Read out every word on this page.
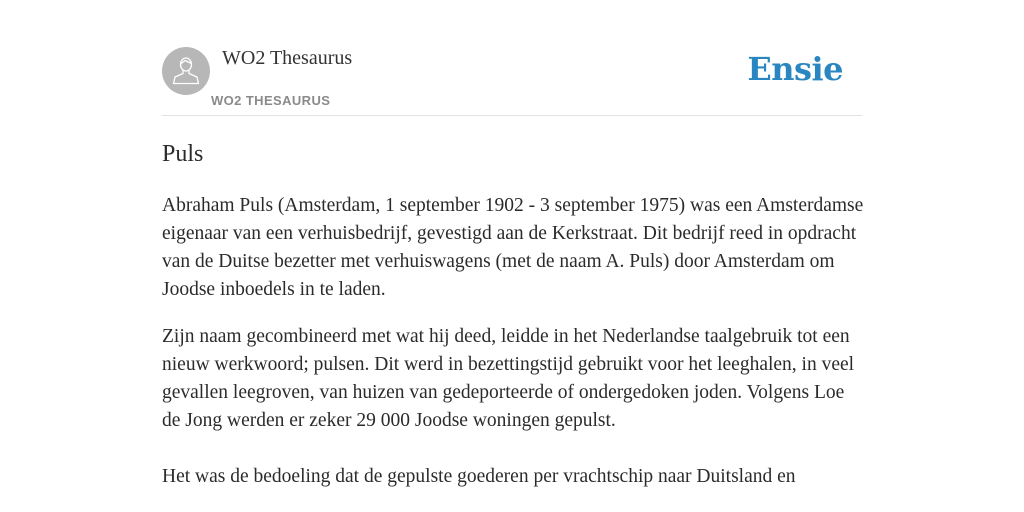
WO2 Thesaurus
WO2 THESAURUS
Ensie
Puls

Abraham Puls (Amsterdam, 1 september 1902 - 3 september 1975) was een Amsterdamse eigenaar van een verhuisbedrijf, gevestigd aan de Kerkstraat. Dit bedrijf reed in opdracht van de Duitse bezetter met verhuiswagens (met de naam A. Puls) door Amsterdam om Joodse inboedels in te laden.

Zijn naam gecombineerd met wat hij deed, leidde in het Nederlandse taalgebruik tot een nieuw werkwoord; pulsen. Dit werd in bezettingstijd gebruikt voor het leeghalen, in veel gevallen leegroven, van huizen van gedeporteerde of ondergedoken joden. Volgens Loe de Jong werden er zeker 29 000 Joodse woningen gepulst.

Het was de bedoeling dat de gepulste goederen per vrachtschip naar Duitsland en
